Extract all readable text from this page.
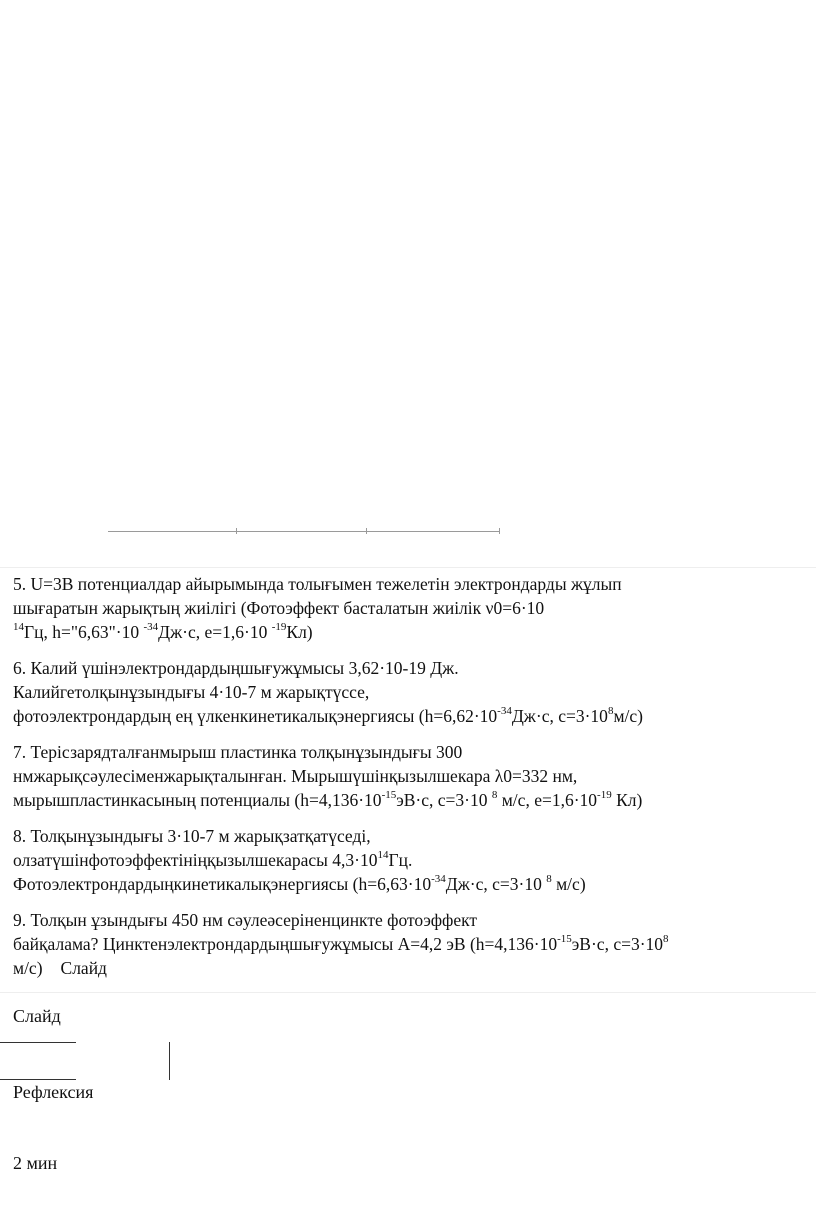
5. U=3B потенциалдар айырымында толығымен тежелетін электрондарды жұлып
шығаратын жарықтың жиілігі (Фотоэффект басталатын жиілік ν0=6·10
$^{14}$Гц, h="6,63"·10 $^{-34}$Дж·с, e=1,6·10 $^{-19}$Кл)
6. Калий үшінэлектрондардыңшығужұмысы 3,62·10-19 Дж.
Калийгетолқынұзындығы 4·10-7 м жарықтүссе,
фотоэлектрондардың ең үлкенкинетикалықэнергиясы ($h=6,62\cdot 10^{-34}Дж\cdot с$, $c=3\cdot 10^8м/с$)
7. Терісзарядталғанмырыш пластинка толқынұзындығы 300
нмжарықсәулесіменжарықталынған. Мырышүшінқызылшекара λ0=332 нм,
мырышпластинкасының потенциалы ($h=4,136\cdot 10^{-15}эВ\cdot с$, c=3·10 $^8$ м/с, $e=1,6\cdot 10^{-19}$ Кл)
8. Толқынұзындығы 3·10-7 м жарықзатқатүседі,
олзатүшінфотоэффектініңқызылшекарасы $4,3\cdot 10^{14}Гц$.
Фотоэлектрондардыңкинетикалықэнергиясы ($h=6,63\cdot 10^{-34}Дж\cdot с$, c=3·10 $^8$ м/с)
9. Толқын ұзындығы 450 нм сәулеәсеріненцинкте фотоэффект
байқалама? Цинктенэлектрондардыңшығужұмысы A=4,2 эВ ($h=4,136\cdot 10^{-15}эВ\cdot с$, $c=3\cdot 10^8$
м/с) Слайд
Слайд
Рефлексия
2 мин
